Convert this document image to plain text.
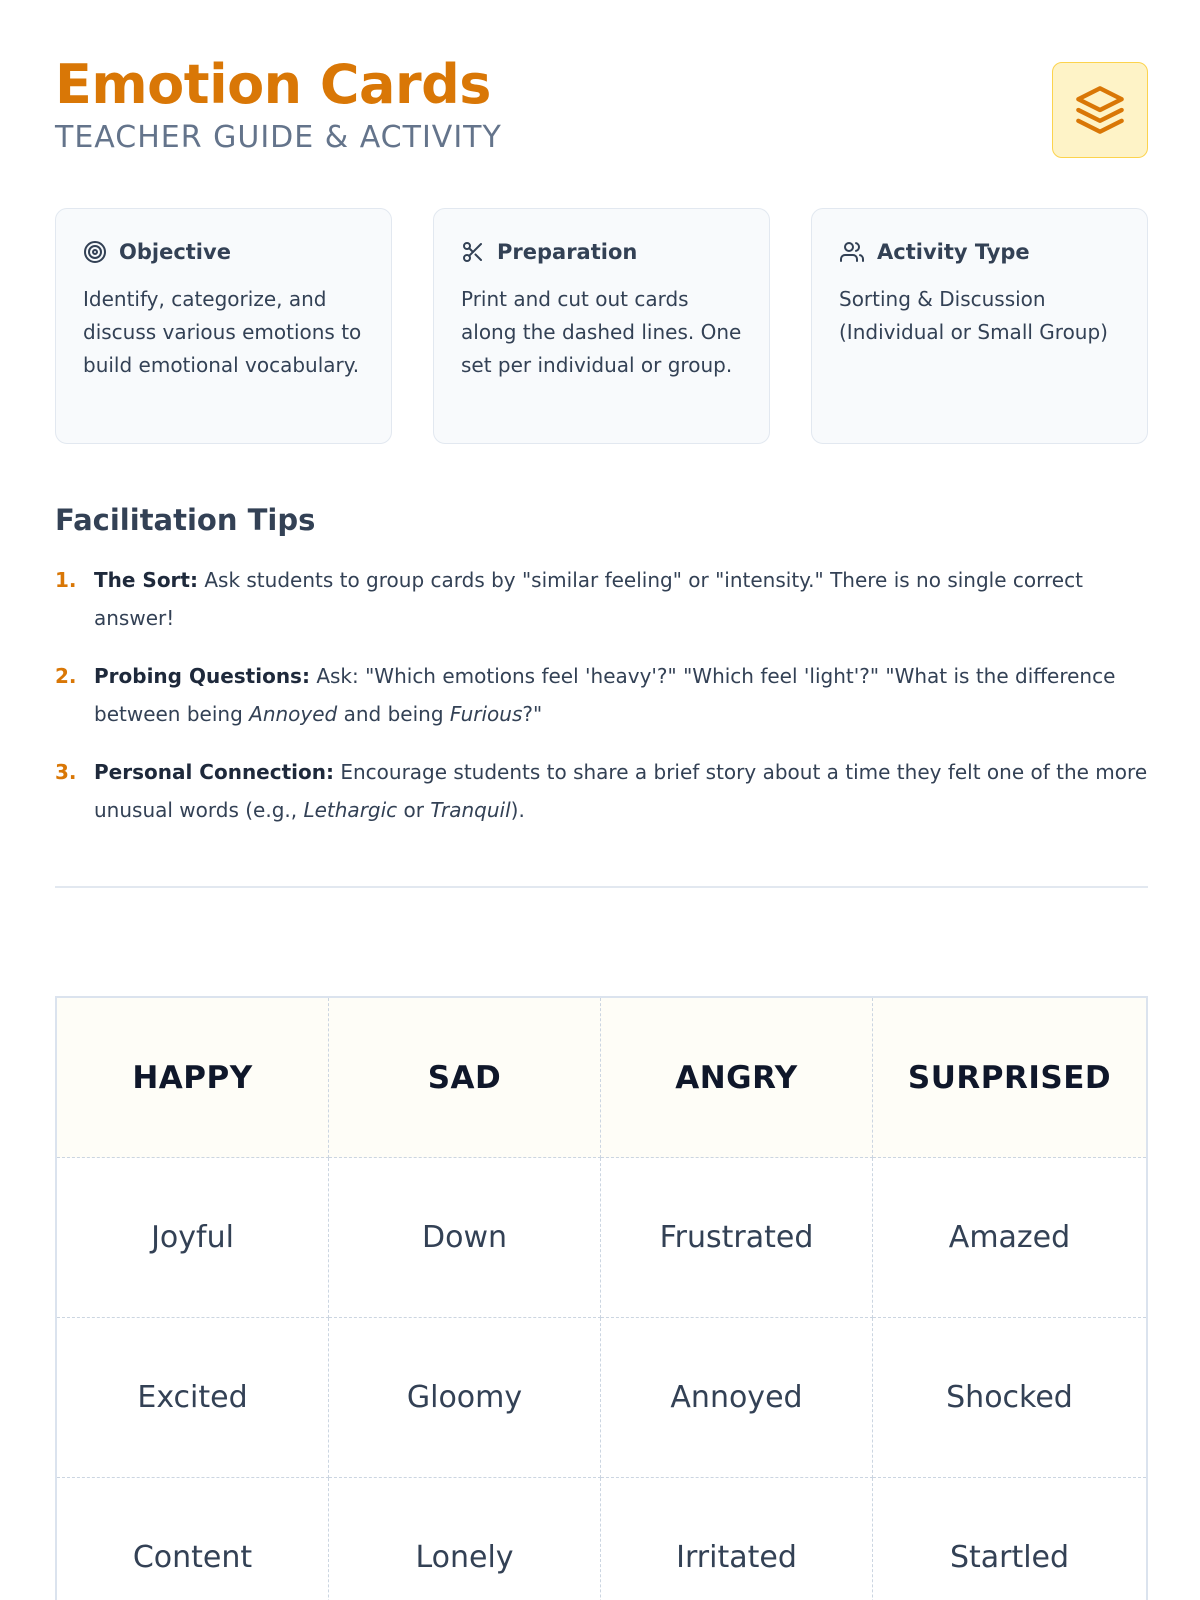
Emotion Cards
TEACHER GUIDE & ACTIVITY
Objective

Identify, categorize, and discuss various emotions to build emotional vocabulary.

Preparation

Print and cut out cards along the dashed lines. One set per individual or group.

Activity Type

Sorting & Discussion (Individual or Small Group)

Facilitation Tips
1. The Sort: Ask students to group cards by "similar feeling" or "intensity." There is no single correct answer!
2. Probing Questions: Ask: "Which emotions feel 'heavy'?" "Which feel 'light'?" "What is the difference between being Annoyed and being Furious?"
3. Personal Connection: Encourage students to share a brief story about a time they felt one of the more unusual words (e.g., Lethargic or Tranquil).
HAPPY	SAD	ANGRY	SURPRISED
Joyful	Down	Frustrated	Amazed
Excited	Gloomy	Annoyed	Shocked
Content	Lonely	Irritated	Startled
